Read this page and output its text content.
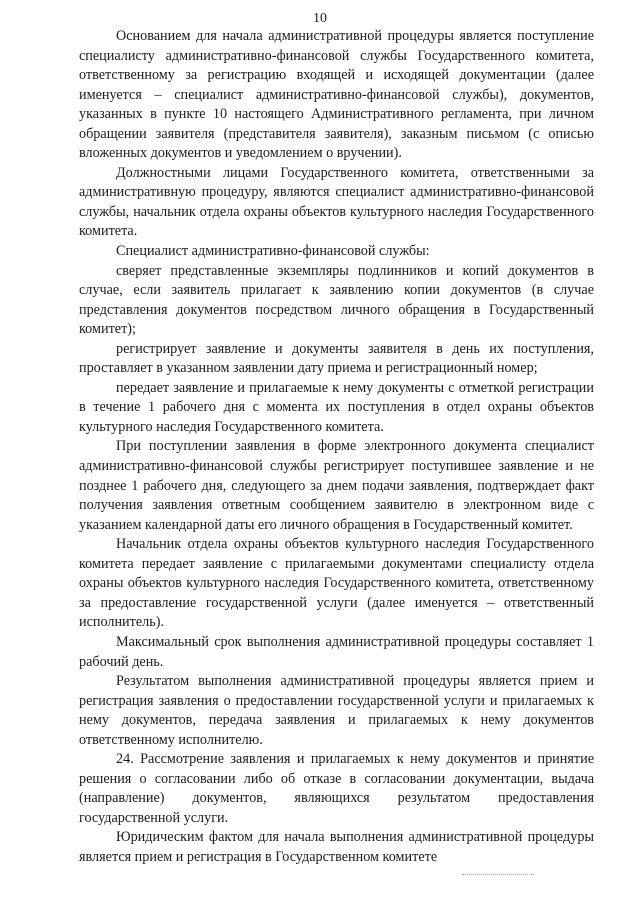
10

Основанием для начала административной процедуры является поступление специалисту административно-финансовой службы Государственного комитета, ответственному за регистрацию входящей и исходящей документации (далее именуется – специалист административно-финансовой службы), документов, указанных в пункте 10 настоящего Административного регламента, при личном обращении заявителя (представителя заявителя), заказным письмом (с описью вложенных документов и уведомлением о вручении).

Должностными лицами Государственного комитета, ответственными за административную процедуру, являются специалист административно-финансовой службы, начальник отдела охраны объектов культурного наследия Государственного комитета.

Специалист административно-финансовой службы:

сверяет представленные экземпляры подлинников и копий документов в случае, если заявитель прилагает к заявлению копии документов (в случае представления документов посредством личного обращения в Государственный комитет);

регистрирует заявление и документы заявителя в день их поступления, проставляет в указанном заявлении дату приема и регистрационный номер;

передает заявление и прилагаемые к нему документы с отметкой регистрации в течение 1 рабочего дня с момента их поступления в отдел охраны объектов культурного наследия Государственного комитета.

При поступлении заявления в форме электронного документа специалист административно-финансовой службы регистрирует поступившее заявление и не позднее 1 рабочего дня, следующего за днем подачи заявления, подтверждает факт получения заявления ответным сообщением заявителю в электронном виде с указанием календарной даты его личного обращения в Государственный комитет.

Начальник отдела охраны объектов культурного наследия Государственного комитета передает заявление с прилагаемыми документами специалисту отдела охраны объектов культурного наследия Государственного комитета, ответственному за предоставление государственной услуги (далее именуется – ответственный исполнитель).

Максимальный срок выполнения административной процедуры составляет 1 рабочий день.

Результатом выполнения административной процедуры является прием и регистрация заявления о предоставлении государственной услуги и прилагаемых к нему документов, передача заявления и прилагаемых к нему документов ответственному исполнителю.

24. Рассмотрение заявления и прилагаемых к нему документов и принятие решения о согласовании либо об отказе в согласовании документации, выдача (направление) документов, являющихся результатом предоставления государственной услуги.

Юридическим фактом для начала выполнения административной процедуры является прием и регистрация в Государственном комитете
